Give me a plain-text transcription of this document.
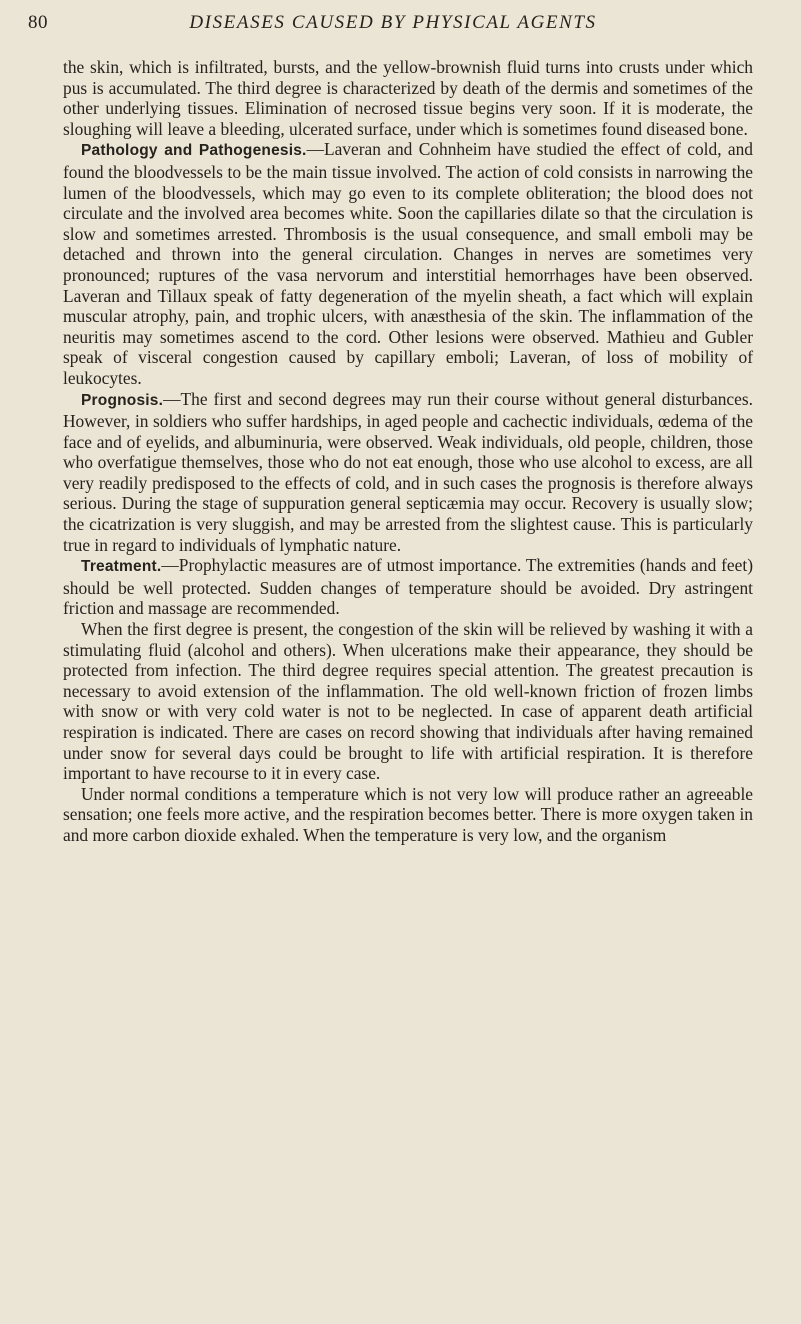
80	DISEASES CAUSED BY PHYSICAL AGENTS

the skin, which is infiltrated, bursts, and the yellow-brownish fluid turns into crusts under which pus is accumulated. The third degree is characterized by death of the dermis and sometimes of the other underlying tissues. Elimination of necrosed tissue begins very soon. If it is moderate, the sloughing will leave a bleeding, ulcerated surface, under which is sometimes found diseased bone.

Pathology and Pathogenesis.—Laveran and Cohnheim have studied the effect of cold, and found the bloodvessels to be the main tissue involved. The action of cold consists in narrowing the lumen of the bloodvessels, which may go even to its complete obliteration; the blood does not circulate and the involved area becomes white. Soon the capillaries dilate so that the circulation is slow and sometimes arrested. Thrombosis is the usual consequence, and small emboli may be detached and thrown into the general circulation. Changes in nerves are sometimes very pronounced; ruptures of the vasa nervorum and interstitial hemorrhages have been observed. Laveran and Tillaux speak of fatty degeneration of the myelin sheath, a fact which will explain muscular atrophy, pain, and trophic ulcers, with anæsthesia of the skin. The inflammation of the neuritis may sometimes ascend to the cord. Other lesions were observed. Mathieu and Gubler speak of visceral congestion caused by capillary emboli; Laveran, of loss of mobility of leukocytes.

Prognosis.—The first and second degrees may run their course without general disturbances. However, in soldiers who suffer hardships, in aged people and cachectic individuals, œdema of the face and of eyelids, and albuminuria, were observed. Weak individuals, old people, children, those who overfatigue themselves, those who do not eat enough, those who use alcohol to excess, are all very readily predisposed to the effects of cold, and in such cases the prognosis is therefore always serious. During the stage of suppuration general septicæmia may occur. Recovery is usually slow; the cicatrization is very sluggish, and may be arrested from the slightest cause. This is particularly true in regard to individuals of lymphatic nature.

Treatment.—Prophylactic measures are of utmost importance. The extremities (hands and feet) should be well protected. Sudden changes of temperature should be avoided. Dry astringent friction and massage are recommended.

When the first degree is present, the congestion of the skin will be relieved by washing it with a stimulating fluid (alcohol and others). When ulcerations make their appearance, they should be protected from infection. The third degree requires special attention. The greatest precaution is necessary to avoid extension of the inflammation. The old well-known friction of frozen limbs with snow or with very cold water is not to be neglected. In case of apparent death artificial respiration is indicated. There are cases on record showing that individuals after having remained under snow for several days could be brought to life with artificial respiration. It is therefore important to have recourse to it in every case.

Under normal conditions a temperature which is not very low will produce rather an agreeable sensation; one feels more active, and the respiration becomes better. There is more oxygen taken in and more carbon dioxide exhaled. When the temperature is very low, and the organism
